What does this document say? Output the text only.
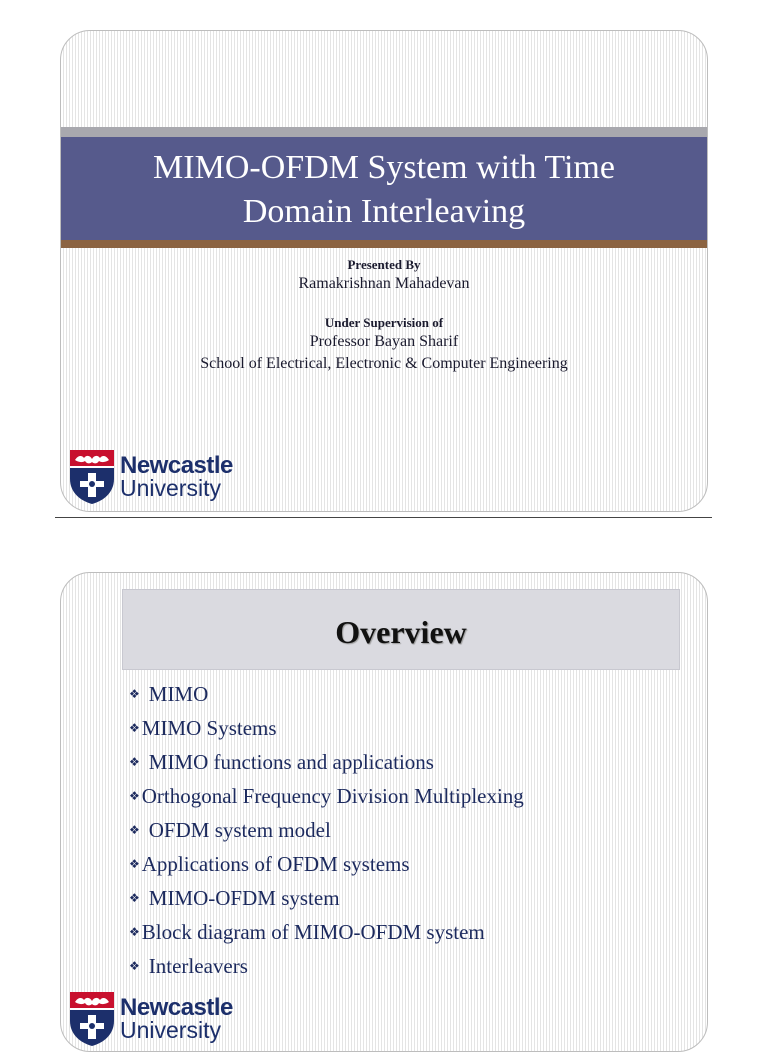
MIMO-OFDM System with Time
Domain Interleaving

Presented By

Ramakrishnan Mahadevan

Under Supervision of

Professor Bayan Sharif

School of Electrical, Electronic & Computer Engineering

Newcastle
University
Overview
❖ MIMO
❖ MIMO Systems
❖ MIMO functions and applications
❖ Orthogonal Frequency Division Multiplexing
❖ OFDM system model
❖ Applications of OFDM systems
❖ MIMO-OFDM system
❖ Block diagram of MIMO-OFDM system
❖ Interleavers
Newcastle
University
